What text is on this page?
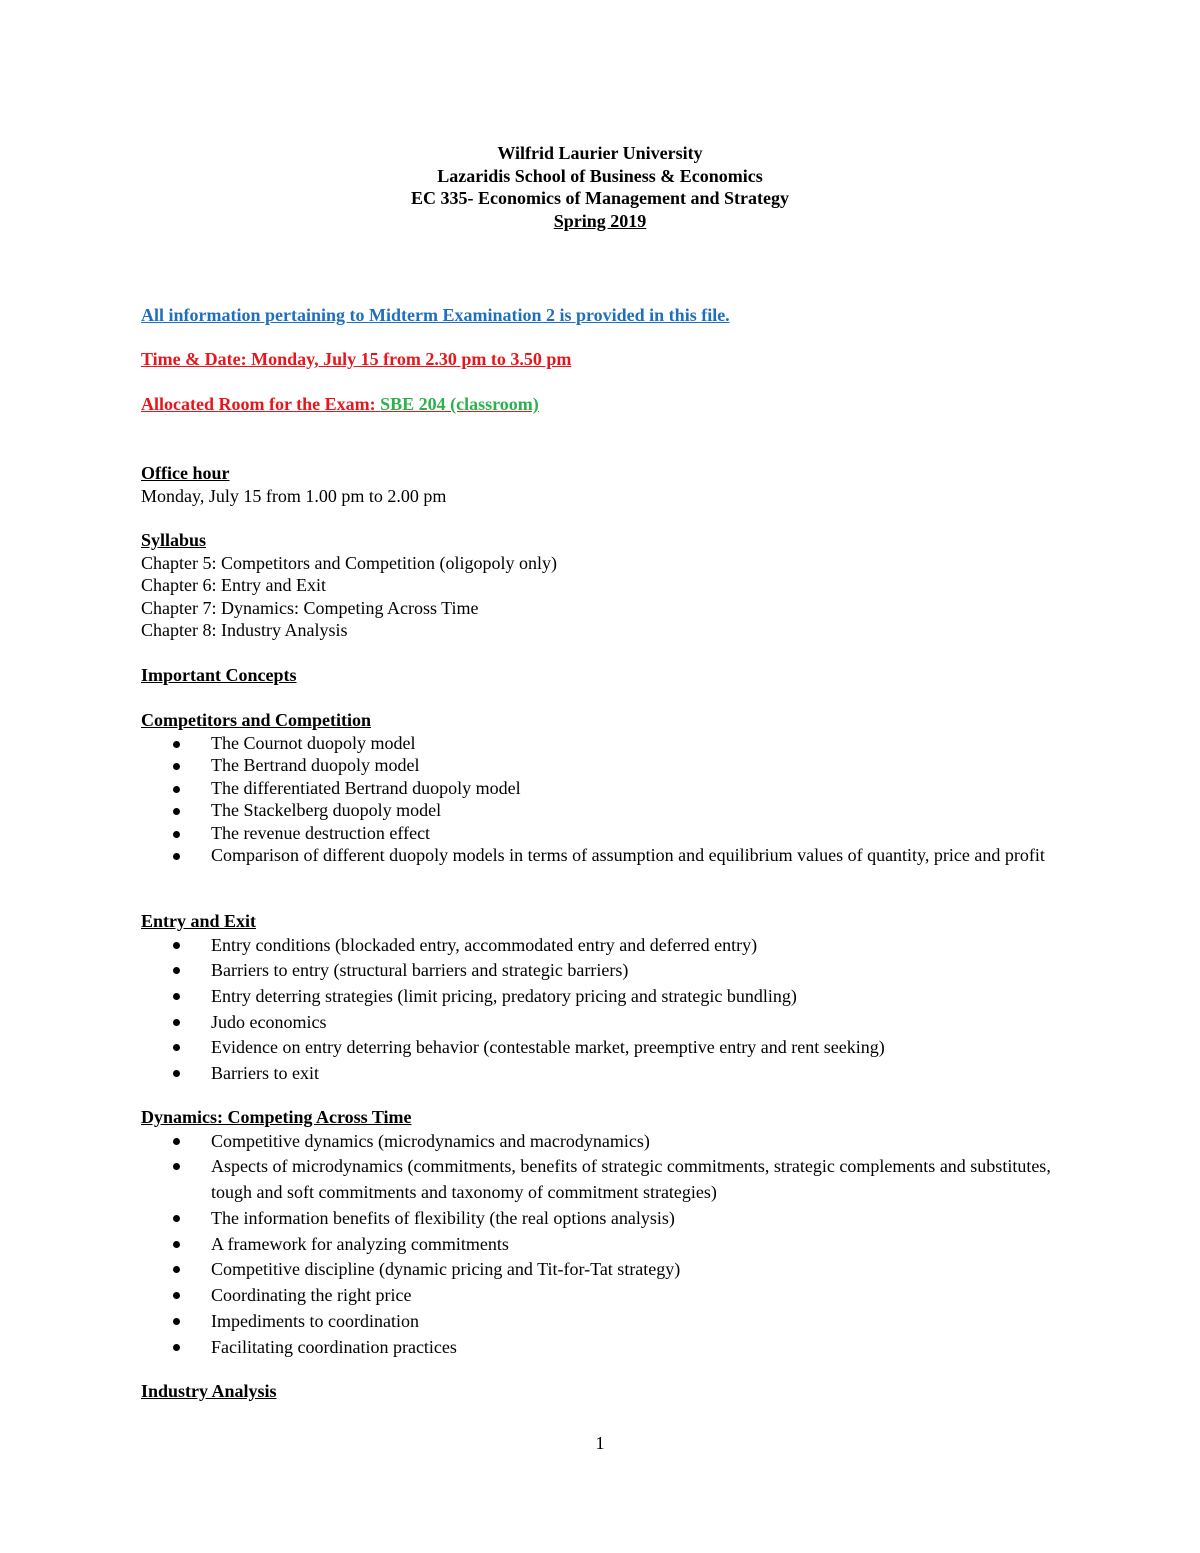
Wilfrid Laurier University
Lazaridis School of Business & Economics
EC 335- Economics of Management and Strategy
Spring 2019
All information pertaining to Midterm Examination 2 is provided in this file.
Time & Date: Monday, July 15 from 2.30 pm to 3.50 pm
Allocated Room for the Exam: SBE 204 (classroom)
Office hour
Monday, July 15 from 1.00 pm to 2.00 pm
Syllabus
Chapter 5: Competitors and Competition (oligopoly only)
Chapter 6: Entry and Exit
Chapter 7: Dynamics: Competing Across Time
Chapter 8: Industry Analysis
Important Concepts
Competitors and Competition
The Cournot duopoly model
The Bertrand duopoly model
The differentiated Bertrand duopoly model
The Stackelberg duopoly model
The revenue destruction effect
Comparison of different duopoly models in terms of assumption and equilibrium values of quantity, price and profit
Entry and Exit
Entry conditions (blockaded entry, accommodated entry and deferred entry)
Barriers to entry (structural barriers and strategic barriers)
Entry deterring strategies (limit pricing, predatory pricing and strategic bundling)
Judo economics
Evidence on entry deterring behavior (contestable market, preemptive entry and rent seeking)
Barriers to exit
Dynamics: Competing Across Time
Competitive dynamics (microdynamics and macrodynamics)
Aspects of microdynamics (commitments, benefits of strategic commitments, strategic complements and substitutes, tough and soft commitments and taxonomy of commitment strategies)
The information benefits of flexibility (the real options analysis)
A framework for analyzing commitments
Competitive discipline (dynamic pricing and Tit-for-Tat strategy)
Coordinating the right price
Impediments to coordination
Facilitating coordination practices
Industry Analysis
1
